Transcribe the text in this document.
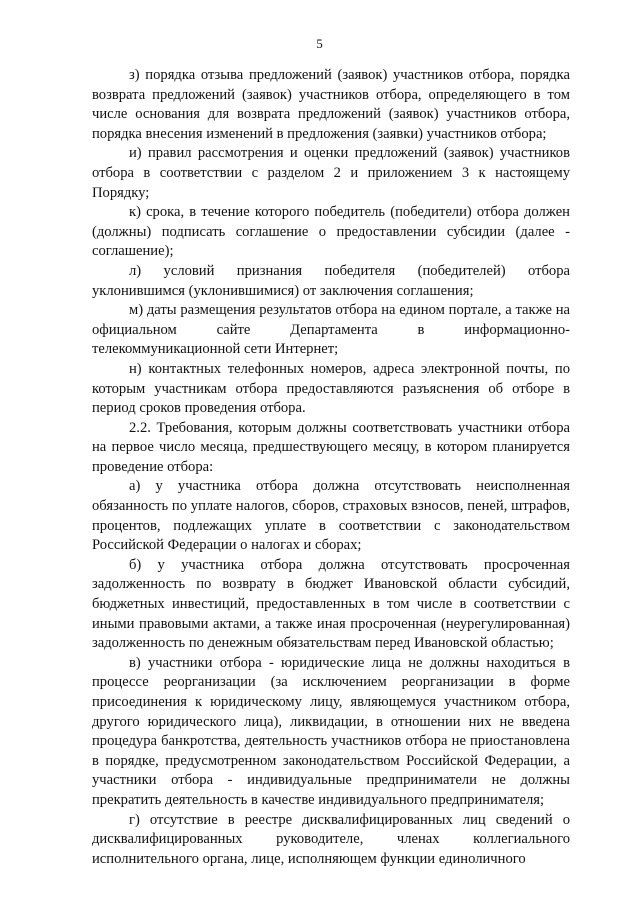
5

з) порядка отзыва предложений (заявок) участников отбора, порядка возврата предложений (заявок) участников отбора, определяющего в том числе основания для возврата предложений (заявок) участников отбора, порядка внесения изменений в предложения (заявки) участников отбора;

и) правил рассмотрения и оценки предложений (заявок) участников отбора в соответствии с разделом 2 и приложением 3 к настоящему Порядку;

к) срока, в течение которого победитель (победители) отбора должен (должны) подписать соглашение о предоставлении субсидии (далее - соглашение);

л) условий признания победителя (победителей) отбора уклонившимся (уклонившимися) от заключения соглашения;

м) даты размещения результатов отбора на едином портале, а также на официальном сайте Департамента в информационно-телекоммуникационной сети Интернет;

н) контактных телефонных номеров, адреса электронной почты, по которым участникам отбора предоставляются разъяснения об отборе в период сроков проведения отбора.

2.2. Требования, которым должны соответствовать участники отбора на первое число месяца, предшествующего месяцу, в котором планируется проведение отбора:

а) у участника отбора должна отсутствовать неисполненная обязанность по уплате налогов, сборов, страховых взносов, пеней, штрафов, процентов, подлежащих уплате в соответствии с законодательством Российской Федерации о налогах и сборах;

б) у участника отбора должна отсутствовать просроченная задолженность по возврату в бюджет Ивановской области субсидий, бюджетных инвестиций, предоставленных в том числе в соответствии с иными правовыми актами, а также иная просроченная (неурегулированная) задолженность по денежным обязательствам перед Ивановской областью;

в) участники отбора - юридические лица не должны находиться в процессе реорганизации (за исключением реорганизации в форме присоединения к юридическому лицу, являющемуся участником отбора, другого юридического лица), ликвидации, в отношении них не введена процедура банкротства, деятельность участников отбора не приостановлена в порядке, предусмотренном законодательством Российской Федерации, а участники отбора - индивидуальные предприниматели не должны прекратить деятельность в качестве индивидуального предпринимателя;

г) отсутствие в реестре дисквалифицированных лиц сведений о дисквалифицированных руководителе, членах коллегиального исполнительного органа, лице, исполняющем функции единоличного
